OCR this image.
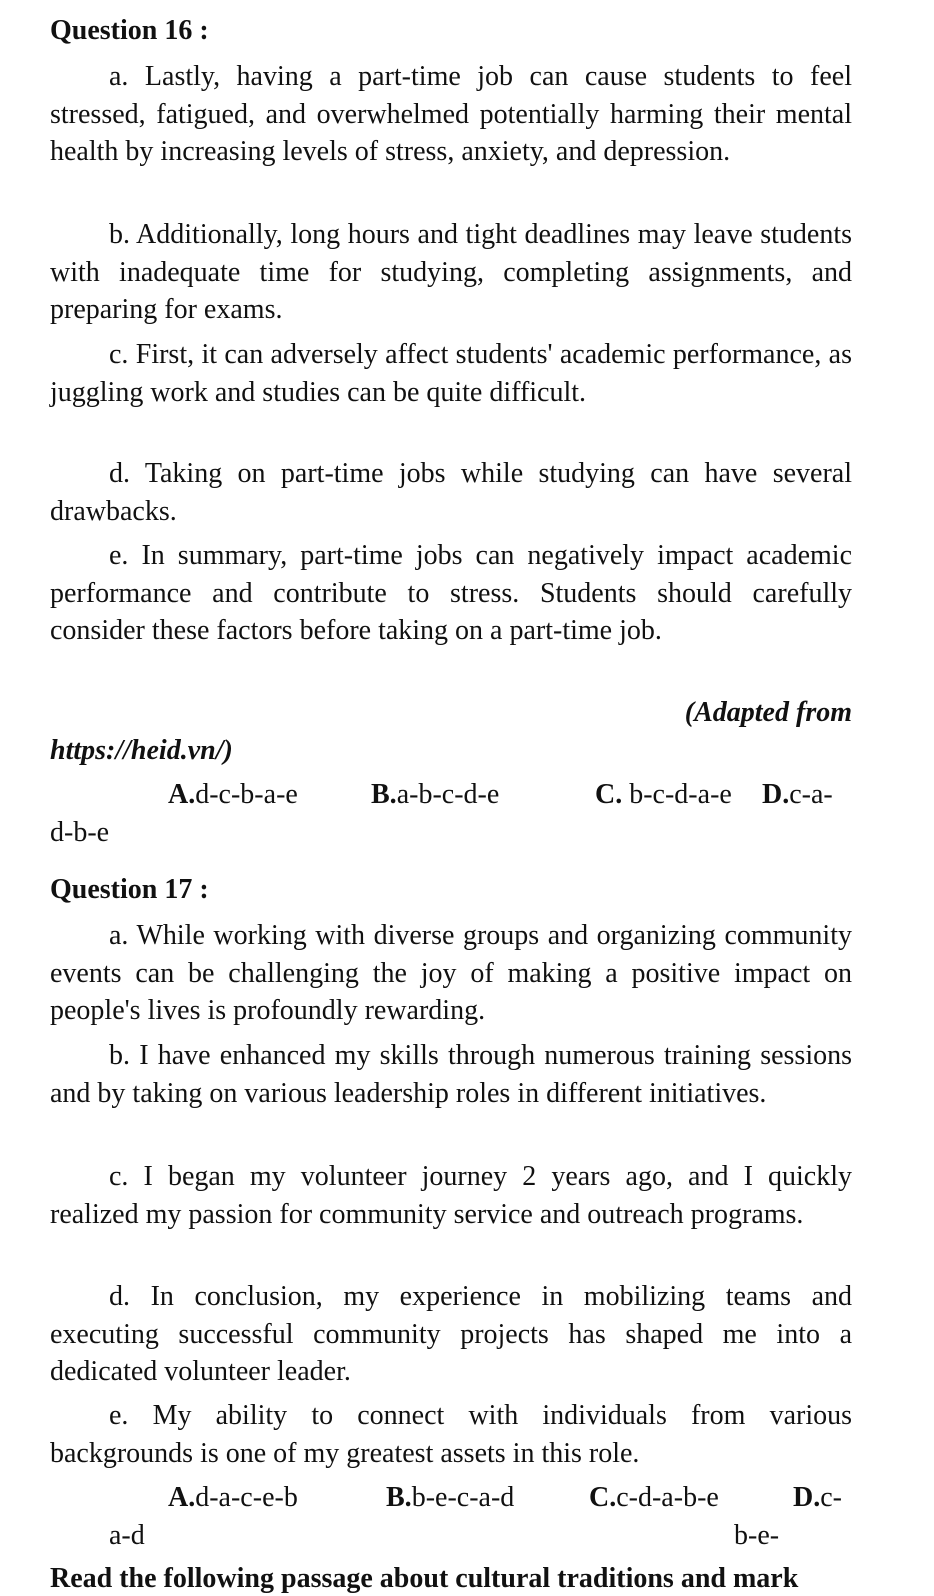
Question 16 :

a. Lastly, having a part-time job can cause students to feel stressed, fatigued, and overwhelmed potentially harming their mental health by increasing levels of stress, anxiety, and depression.

b. Additionally, long hours and tight deadlines may leave students with inadequate time for studying, completing assignments, and preparing for exams.

c. First, it can adversely affect students' academic performance, as juggling work and studies can be quite difficult.

d. Taking on part-time jobs while studying can have several drawbacks.

e. In summary, part-time jobs can negatively impact academic performance and contribute to stress. Students should carefully consider these factors before taking on a part-time job.

(Adapted from
https://heid.vn/)
A.d-c-b-a-e	B.a-b-c-d-e	C. b-c-d-a-e D.c-a-
d-b-e

Question 17 :

a. While working with diverse groups and organizing community events can be challenging the joy of making a positive impact on people's lives is profoundly rewarding.

b. I have enhanced my skills through numerous training sessions and by taking on various leadership roles in different initiatives.

c. I began my volunteer journey 2 years ago, and I quickly realized my passion for community service and outreach programs.

d. In conclusion, my experience in mobilizing teams and executing successful community projects has shaped me into a dedicated volunteer leader.

e. My ability to connect with individuals from various backgrounds is one of my greatest assets in this role.

A.d-a-c-e-b	B.b-e-c-a-d	C.c-d-a-b-e	D.c-b-e-
a-d

Read the following passage about cultural traditions and mark
